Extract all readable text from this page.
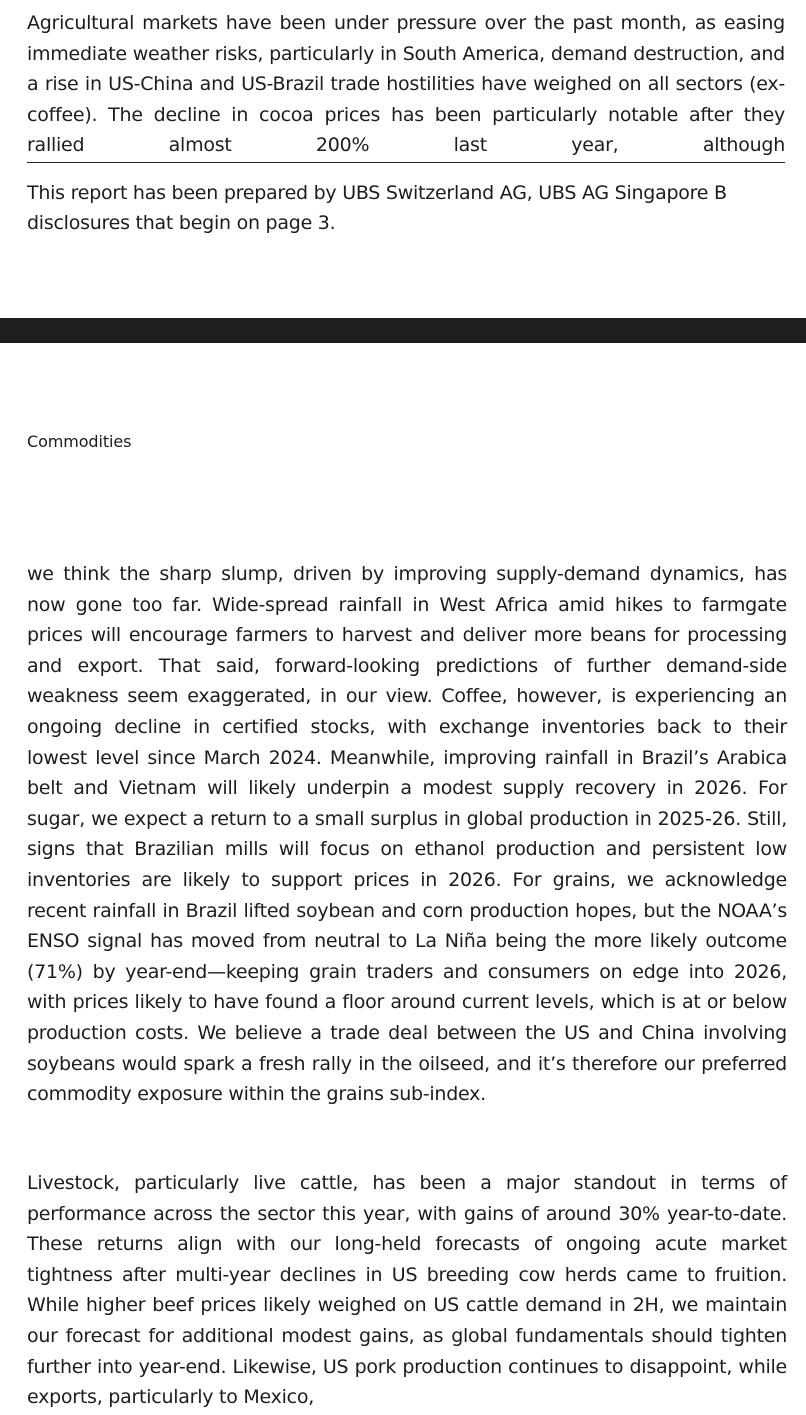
Agricultural markets have been under pressure over the past month, as easing immediate weather risks, particularly in South America, demand destruction, and a rise in US-China and US-Brazil trade hostilities have weighed on all sectors (ex-coffee). The decline in cocoa prices has been particularly notable after they rallied almost 200% last year, although

This report has been prepared by UBS Switzerland AG, UBS AG Singapore B
disclosures that begin on page 3.
Commodities

we think the sharp slump, driven by improving supply-demand dynamics, has now gone too far. Wide-spread rainfall in West Africa amid hikes to farmgate prices will encourage farmers to harvest and deliver more beans for processing and export. That said, forward-looking predictions of further demand-side weakness seem exaggerated, in our view. Coffee, however, is experiencing an ongoing decline in certified stocks, with exchange inventories back to their lowest level since March 2024. Meanwhile, improving rainfall in Brazil’s Arabica belt and Vietnam will likely underpin a modest supply recovery in 2026. For sugar, we expect a return to a small surplus in global production in 2025-26. Still, signs that Brazilian mills will focus on ethanol production and persistent low inventories are likely to support prices in 2026. For grains, we acknowledge recent rainfall in Brazil lifted soybean and corn production hopes, but the NOAA’s ENSO signal has moved from neutral to La Niña being the more likely outcome (71%) by year-end—keeping grain traders and consumers on edge into 2026, with prices likely to have found a floor around current levels, which is at or below production costs. We believe a trade deal between the US and China involving soybeans would spark a fresh rally in the oilseed, and it’s therefore our preferred commodity exposure within the grains sub-index.

Livestock, particularly live cattle, has been a major standout in terms of performance across the sector this year, with gains of around 30% year-to-date. These returns align with our long-held forecasts of ongoing acute market tightness after multi-year declines in US breeding cow herds came to fruition. While higher beef prices likely weighed on US cattle demand in 2H, we maintain our forecast for additional modest gains, as global fundamentals should tighten further into year-end. Likewise, US pork production continues to disappoint, while exports, particularly to Mexico,
